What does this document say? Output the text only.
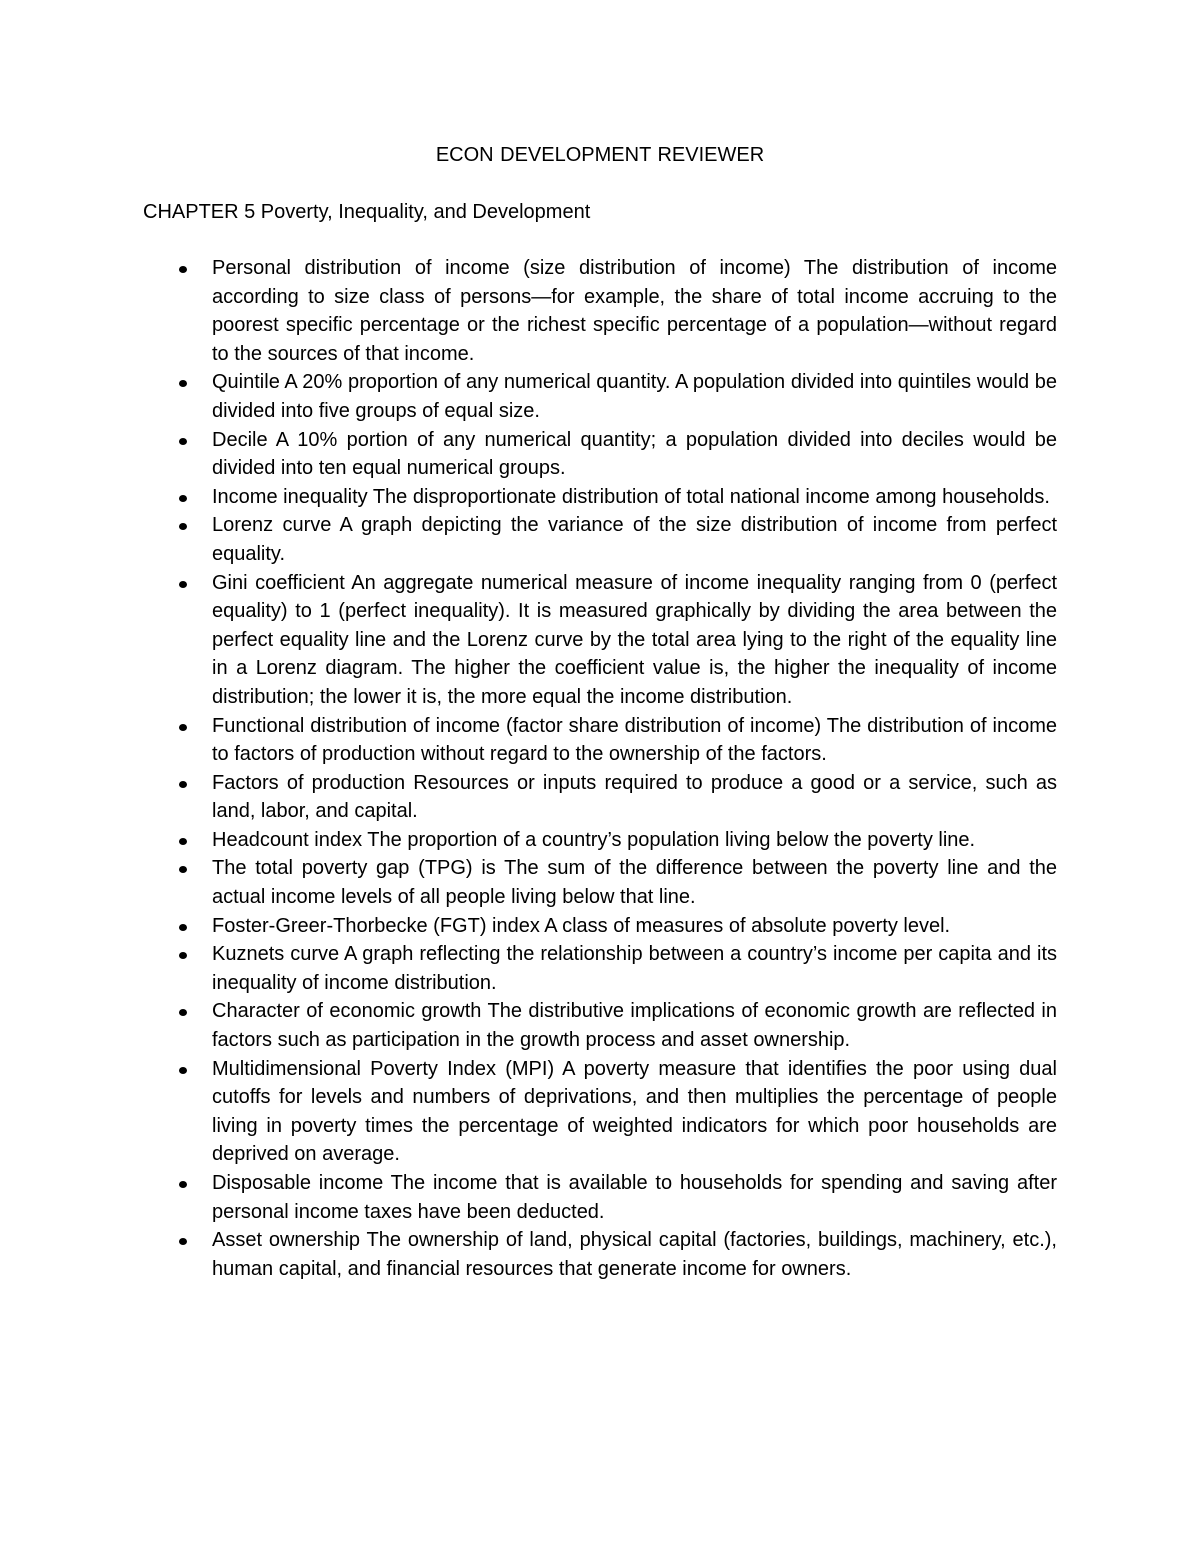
ECON DEVELOPMENT REVIEWER
CHAPTER 5 Poverty, Inequality, and Development
Personal distribution of income (size distribution of income) The distribution of income according to size class of persons—for example, the share of total income accruing to the poorest specific percentage or the richest specific percentage of a population—without regard to the sources of that income.
Quintile A 20% proportion of any numerical quantity. A population divided into quintiles would be divided into five groups of equal size.
Decile A 10% portion of any numerical quantity; a population divided into deciles would be divided into ten equal numerical groups.
Income inequality The disproportionate distribution of total national income among households.
Lorenz curve A graph depicting the variance of the size distribution of income from perfect equality.
Gini coefficient An aggregate numerical measure of income inequality ranging from 0 (perfect equality) to 1 (perfect inequality). It is measured graphically by dividing the area between the perfect equality line and the Lorenz curve by the total area lying to the right of the equality line in a Lorenz diagram. The higher the coefficient value is, the higher the inequality of income distribution; the lower it is, the more equal the income distribution.
Functional distribution of income (factor share distribution of income) The distribution of income to factors of production without regard to the ownership of the factors.
Factors of production Resources or inputs required to produce a good or a service, such as land, labor, and capital.
Headcount index The proportion of a country’s population living below the poverty line.
The total poverty gap (TPG) is The sum of the difference between the poverty line and the actual income levels of all people living below that line.
Foster-Greer-Thorbecke (FGT) index A class of measures of absolute poverty level.
Kuznets curve A graph reflecting the relationship between a country’s income per capita and its inequality of income distribution.
Character of economic growth The distributive implications of economic growth are reflected in factors such as participation in the growth process and asset ownership.
Multidimensional Poverty Index (MPI) A poverty measure that identifies the poor using dual cutoffs for levels and numbers of deprivations, and then multiplies the percentage of people living in poverty times the percentage of weighted indicators for which poor households are deprived on average.
Disposable income The income that is available to households for spending and saving after personal income taxes have been deducted.
Asset ownership The ownership of land, physical capital (factories, buildings, machinery, etc.), human capital, and financial resources that generate income for owners.
